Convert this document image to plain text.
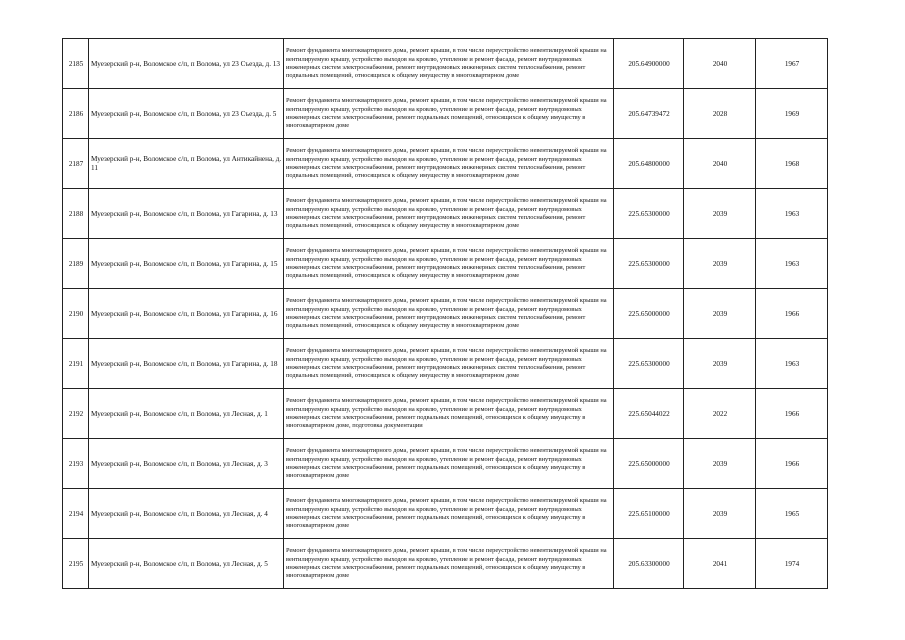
2185	Муезерский р-н, Воломское с/п, п Волома, ул 23 Съезда, д. 13	Ремонт фундамента многоквартирного дома, ремонт крыши, в том числе переустройство невентилируемой крыши на вентилируемую крышу, устройство выходов на кровлю, утепление и ремонт фасада, ремонт внутридомовых инженерных систем электроснабжения, ремонт внутридомовых инженерных систем теплоснабжения, ремонт подвальных помещений, относящихся к общему имуществу в многоквартирном доме	205.64900000	2040	1967
2186	Муезерский р-н, Воломское с/п, п Волома, ул 23 Съезда, д. 5	Ремонт фундамента многоквартирного дома, ремонт крыши, в том числе переустройство невентилируемой крыши на вентилируемую крышу, устройство выходов на кровлю, утепление и ремонт фасада, ремонт внутридомовых инженерных систем электроснабжения, ремонт подвальных помещений, относящихся к общему имуществу в многоквартирном доме	205.64739472	2028	1969
2187	Муезерский р-н, Воломское с/п, п Волома, ул Антикайнена, д. 11	Ремонт фундамента многоквартирного дома, ремонт крыши, в том числе переустройство невентилируемой крыши на вентилируемую крышу, устройство выходов на кровлю, утепление и ремонт фасада, ремонт внутридомовых инженерных систем электроснабжения, ремонт внутридомовых инженерных систем теплоснабжения, ремонт подвальных помещений, относящихся к общему имуществу в многоквартирном доме	205.64800000	2040	1968
2188	Муезерский р-н, Воломское с/п, п Волома, ул Гагарина, д. 13	Ремонт фундамента многоквартирного дома, ремонт крыши, в том числе переустройство невентилируемой крыши на вентилируемую крышу, устройство выходов на кровлю, утепление и ремонт фасада, ремонт внутридомовых инженерных систем электроснабжения, ремонт внутридомовых инженерных систем теплоснабжения, ремонт подвальных помещений, относящихся к общему имуществу в многоквартирном доме	225.65300000	2039	1963
2189	Муезерский р-н, Воломское с/п, п Волома, ул Гагарина, д. 15	Ремонт фундамента многоквартирного дома, ремонт крыши, в том числе переустройство невентилируемой крыши на вентилируемую крышу, устройство выходов на кровлю, утепление и ремонт фасада, ремонт внутридомовых инженерных систем электроснабжения, ремонт внутридомовых инженерных систем теплоснабжения, ремонт подвальных помещений, относящихся к общему имуществу в многоквартирном доме	225.65300000	2039	1963
2190	Муезерский р-н, Воломское с/п, п Волома, ул Гагарина, д. 16	Ремонт фундамента многоквартирного дома, ремонт крыши, в том числе переустройство невентилируемой крыши на вентилируемую крышу, устройство выходов на кровлю, утепление и ремонт фасада, ремонт внутридомовых инженерных систем электроснабжения, ремонт внутридомовых инженерных систем теплоснабжения, ремонт подвальных помещений, относящихся к общему имуществу в многоквартирном доме	225.65000000	2039	1966
2191	Муезерский р-н, Воломское с/п, п Волома, ул Гагарина, д. 18	Ремонт фундамента многоквартирного дома, ремонт крыши, в том числе переустройство невентилируемой крыши на вентилируемую крышу, устройство выходов на кровлю, утепление и ремонт фасада, ремонт внутридомовых инженерных систем электроснабжения, ремонт внутридомовых инженерных систем теплоснабжения, ремонт подвальных помещений, относящихся к общему имуществу в многоквартирном доме	225.65300000	2039	1963
2192	Муезерский р-н, Воломское с/п, п Волома, ул Лесная, д. 1	Ремонт фундамента многоквартирного дома, ремонт крыши, в том числе переустройство невентилируемой крыши на вентилируемую крышу, устройство выходов на кровлю, утепление и ремонт фасада, ремонт внутридомовых инженерных систем электроснабжения, ремонт подвальных помещений, относящихся к общему имуществу в многоквартирном доме, подготовка документации	225.65044022	2022	1966
2193	Муезерский р-н, Воломское с/п, п Волома, ул Лесная, д. 3	Ремонт фундамента многоквартирного дома, ремонт крыши, в том числе переустройство невентилируемой крыши на вентилируемую крышу, устройство выходов на кровлю, утепление и ремонт фасада, ремонт внутридомовых инженерных систем электроснабжения, ремонт подвальных помещений, относящихся к общему имуществу в многоквартирном доме	225.65000000	2039	1966
2194	Муезерский р-н, Воломское с/п, п Волома, ул Лесная, д. 4	Ремонт фундамента многоквартирного дома, ремонт крыши, в том числе переустройство невентилируемой крыши на вентилируемую крышу, устройство выходов на кровлю, утепление и ремонт фасада, ремонт внутридомовых инженерных систем электроснабжения, ремонт подвальных помещений, относящихся к общему имуществу в многоквартирном доме	225.65100000	2039	1965
2195	Муезерский р-н, Воломское с/п, п Волома, ул Лесная, д. 5	Ремонт фундамента многоквартирного дома, ремонт крыши, в том числе переустройство невентилируемой крыши на вентилируемую крышу, устройство выходов на кровлю, утепление и ремонт фасада, ремонт внутридомовых инженерных систем электроснабжения, ремонт подвальных помещений, относящихся к общему имуществу в многоквартирном доме	205.63300000	2041	1974
